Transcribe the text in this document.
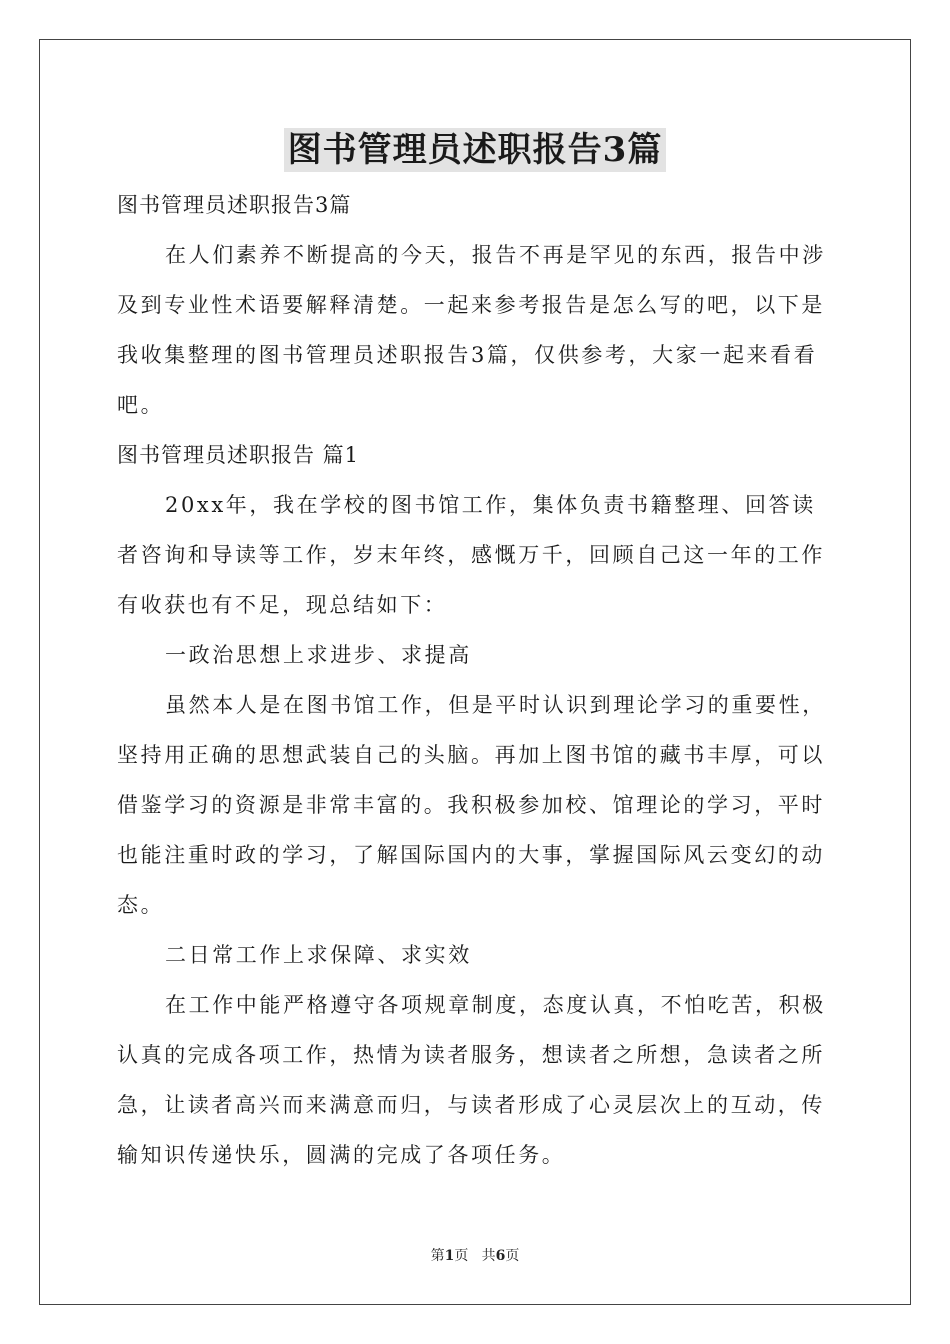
图书管理员述职报告3篇

图书管理员述职报告3篇

在人们素养不断提高的今天，报告不再是罕见的东西，报告中涉及到专业性术语要解释清楚。一起来参考报告是怎么写的吧，以下是我收集整理的图书管理员述职报告3篇，仅供参考，大家一起来看看吧。

图书管理员述职报告 篇1

20xx年，我在学校的图书馆工作，集体负责书籍整理、回答读者咨询和导读等工作，岁末年终，感慨万千，回顾自己这一年的工作有收获也有不足，现总结如下：

一政治思想上求进步、求提高

虽然本人是在图书馆工作，但是平时认识到理论学习的重要性，坚持用正确的思想武装自己的头脑。再加上图书馆的藏书丰厚，可以借鉴学习的资源是非常丰富的。我积极参加校、馆理论的学习，平时也能注重时政的学习，了解国际国内的大事，掌握国际风云变幻的动态。

二日常工作上求保障、求实效

在工作中能严格遵守各项规章制度，态度认真，不怕吃苦，积极认真的完成各项工作，热情为读者服务，想读者之所想，急读者之所急，让读者高兴而来满意而归，与读者形成了心灵层次上的互动，传输知识传递快乐，圆满的完成了各项任务。

第1页 共6页
